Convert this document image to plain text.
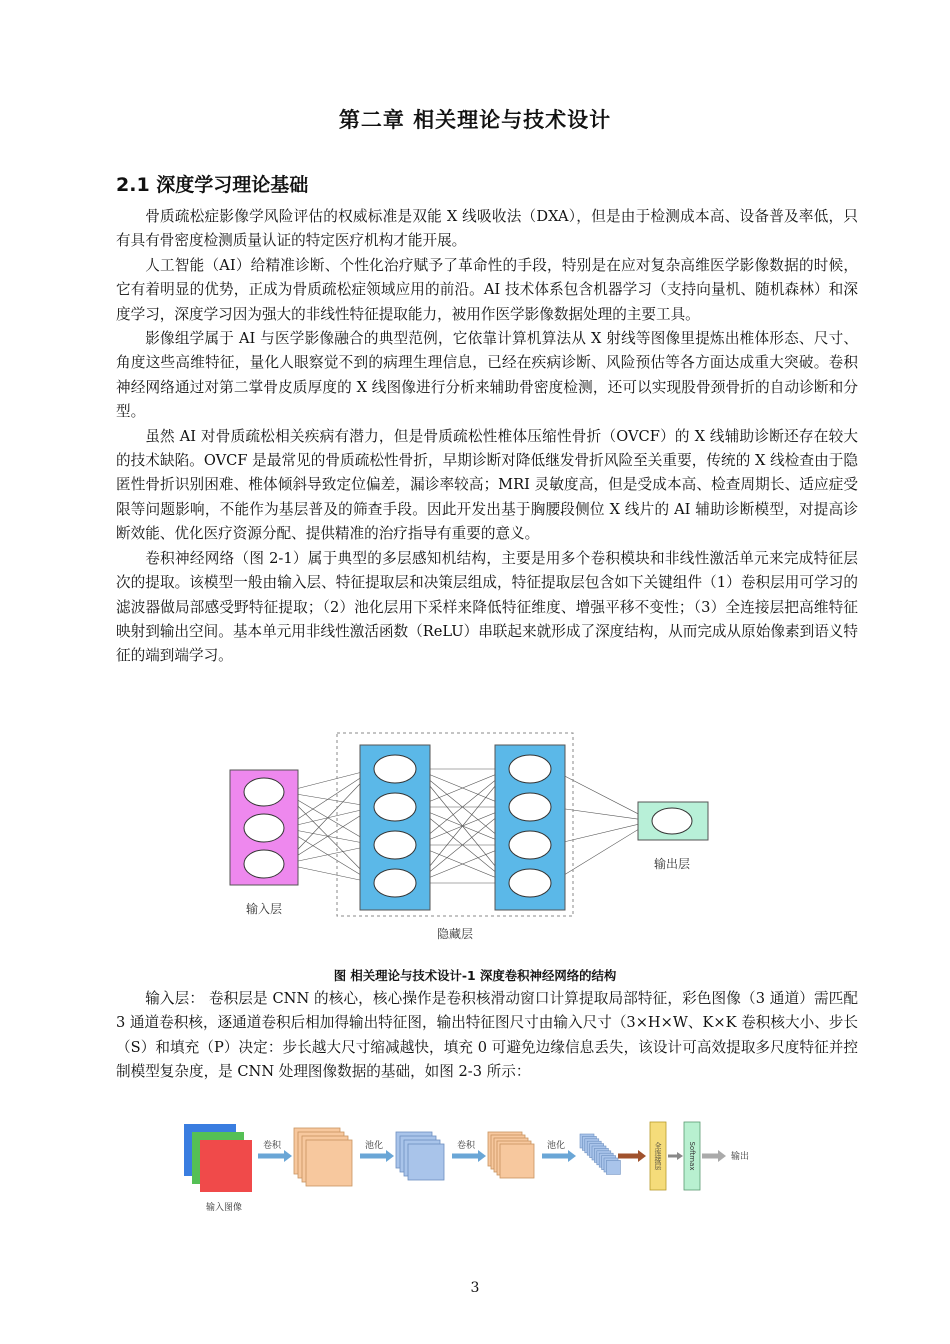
第二章 相关理论与技术设计
2.1 深度学习理论基础

骨质疏松症影像学风险评估的权威标准是双能 X 线吸收法（DXA），但是由于检测成本高、设备普及率低，只有具有骨密度检测质量认证的特定医疗机构才能开展。

人工智能（AI）给精准诊断、个性化治疗赋予了革命性的手段，特别是在应对复杂高维医学影像数据的时候，它有着明显的优势，正成为骨质疏松症领域应用的前沿。AI 技术体系包含机器学习（支持向量机、随机森林）和深度学习，深度学习因为强大的非线性特征提取能力，被用作医学影像数据处理的主要工具。

影像组学属于 AI 与医学影像融合的典型范例，它依靠计算机算法从 X 射线等图像里提炼出椎体形态、尺寸、角度这些高维特征，量化人眼察觉不到的病理生理信息，已经在疾病诊断、风险预估等各方面达成重大突破。卷积神经网络通过对第二掌骨皮质厚度的 X 线图像进行分析来辅助骨密度检测，还可以实现股骨颈骨折的自动诊断和分型。

虽然 AI 对骨质疏松相关疾病有潜力，但是骨质疏松性椎体压缩性骨折（OVCF）的 X 线辅助诊断还存在较大的技术缺陷。OVCF 是最常见的骨质疏松性骨折，早期诊断对降低继发骨折风险至关重要，传统的 X 线检查由于隐匿性骨折识别困难、椎体倾斜导致定位偏差，漏诊率较高；MRI 灵敏度高，但是受成本高、检查周期长、适应症受限等问题影响，不能作为基层普及的筛查手段。因此开发出基于胸腰段侧位 X 线片的 AI 辅助诊断模型，对提高诊断效能、优化医疗资源分配、提供精准的治疗指导有重要的意义。

卷积神经网络（图 2-1）属于典型的多层感知机结构，主要是用多个卷积模块和非线性激活单元来完成特征层次的提取。该模型一般由输入层、特征提取层和决策层组成，特征提取层包含如下关键组件（1）卷积层用可学习的滤波器做局部感受野特征提取；（2）池化层用下采样来降低特征维度、增强平移不变性；（3）全连接层把高维特征映射到输出空间。基本单元用非线性激活函数（ReLU）串联起来就形成了深度结构，从而完成从原始像素到语义特征的端到端学习。

输入层
隐藏层
输出层
图 相关理论与技术设计-1 深度卷积神经网络的结构

输入层： 卷积层是 CNN 的核心，核心操作是卷积核滑动窗口计算提取局部特征，彩色图像（3 通道）需匹配 3 通道卷积核，逐通道卷积后相加得输出特征图，输出特征图尺寸由输入尺寸（3×H×W、K×K 卷积核大小、步长（S）和填充（P）决定：步长越大尺寸缩减越快，填充 0 可避免边缘信息丢失，该设计可高效提取多尺度特征并控制模型复杂度，是 CNN 处理图像数据的基础，如图 2-3 所示：

输入图像
卷积	池化	卷积	池化	全连接层	Softmax	输出
3
